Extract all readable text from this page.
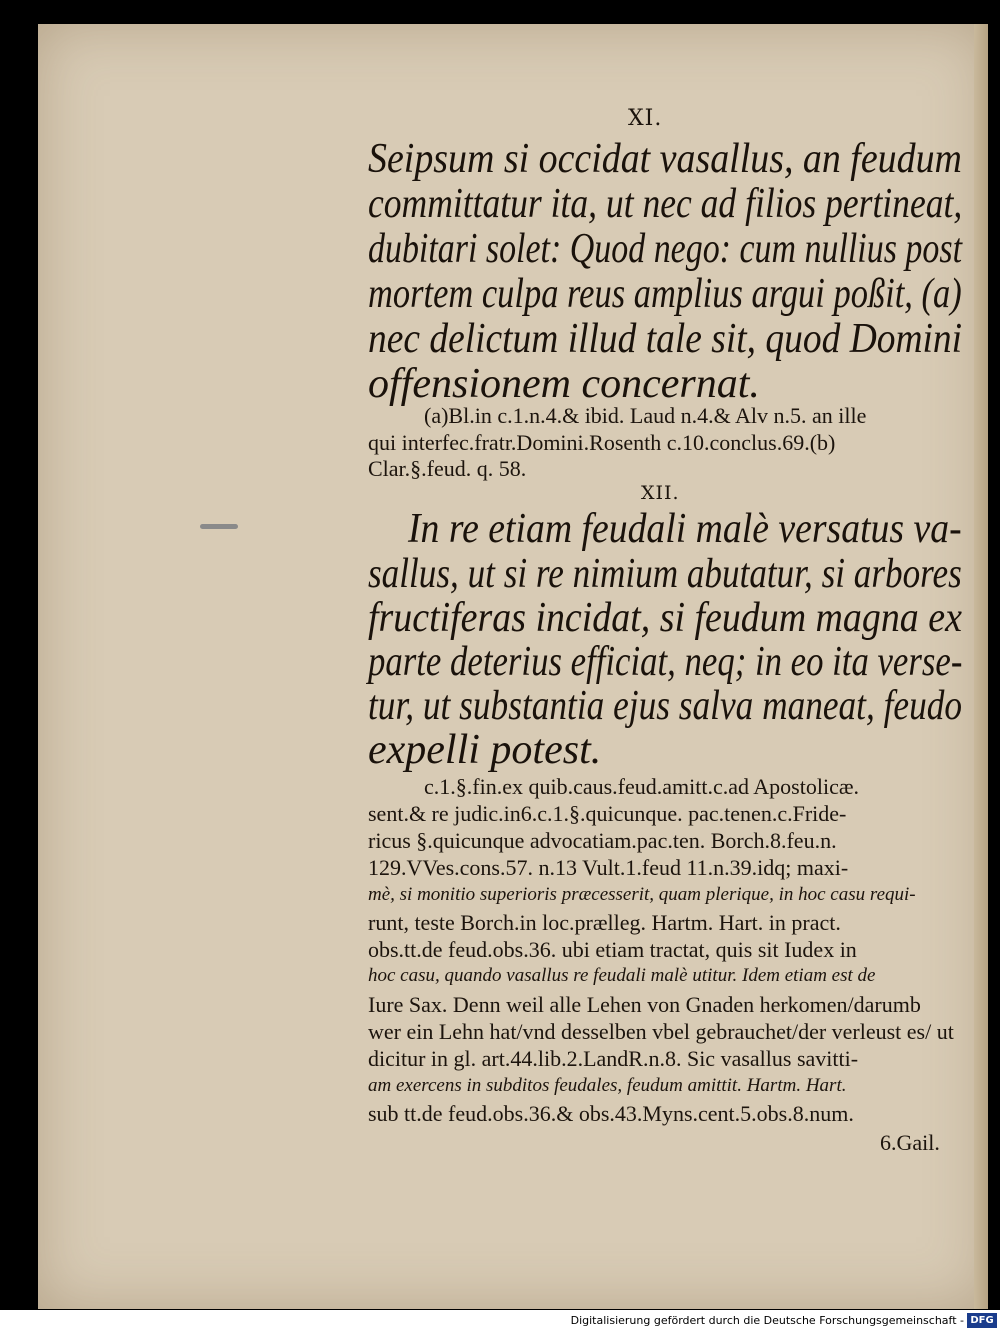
XI.
Seipsum si occidat vasallus, an feudum
committatur ita, ut nec ad filios pertineat,
dubitari solet: Quod nego: cum nullius post
mortem culpa reus amplius argui poßit, (a)
nec delictum illud tale sit, quod Domini
offensionem concernat.
(a)Bl.in c.1.n.4.& ibid. Laud n.4.& Alv n.5. an ille
qui interfec.fratr.Domini.Rosenth c.10.conclus.69.(b)
Clar.§.feud. q. 58.
XII.
In re etiam feudali malè versatus va-
sallus, ut si re nimium abutatur, si arbores
fructiferas incidat, si feudum magna ex
parte deterius efficiat, neq; in eo ita verse-
tur, ut substantia ejus salva maneat, feudo
expelli potest.
c.1.§.fin.ex quib.caus.feud.amitt.c.ad Apostolicæ.
sent.& re judic.in6.c.1.§.quicunque. pac.tenen.c.Fride-
ricus §.quicunque advocatiam.pac.ten. Borch.8.feu.n.
129.VVes.cons.57. n.13 Vult.1.feud 11.n.39.idq; maxi-
mè, si monitio superioris præcesserit, quam plerique, in hoc casu requi-
runt, teste Borch.in loc.prælleg. Hartm. Hart. in pract.
obs.tt.de feud.obs.36. ubi etiam tractat, quis sit Iudex in
hoc casu, quando vasallus re feudali malè utitur. Idem etiam est de
Iure Sax. Denn weil alle Lehen von Gnaden herkomen/darumb
wer ein Lehn hat/vnd desselben vbel gebrauchet/der verleust es/ ut
dicitur in gl. art.44.lib.2.LandR.n.8. Sic vasallus savitti-
am exercens in subditos feudales, feudum amittit. Hartm. Hart.
sub tt.de feud.obs.36.& obs.43.Myns.cent.5.obs.8.num.
6.Gail.
Digitalisierung gefördert durch die Deutsche Forschungsgemeinschaft - DFG
